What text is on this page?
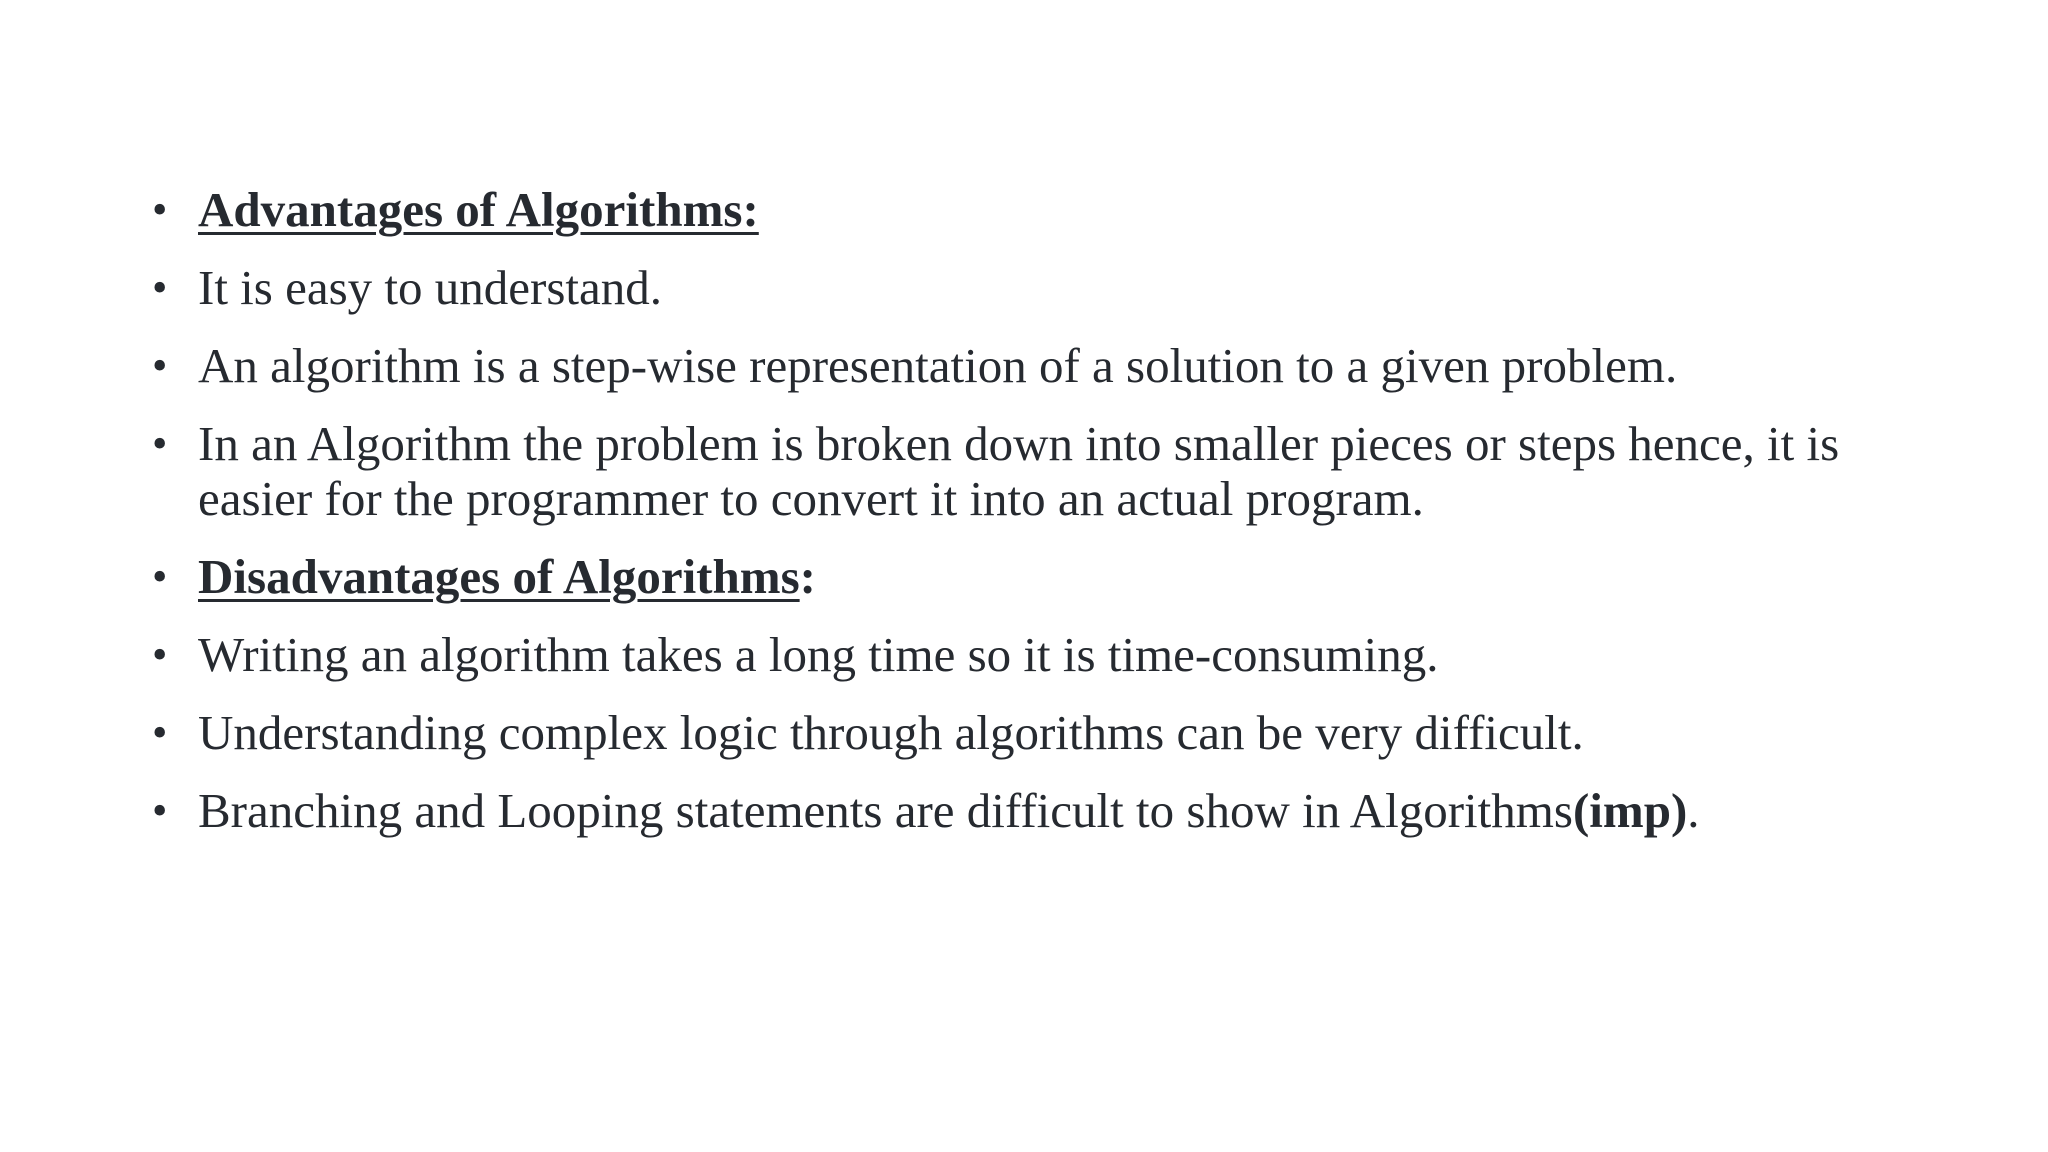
• Advantages of Algorithms:
• It is easy to understand.
• An algorithm is a step-wise representation of a solution to a given problem.
• In an Algorithm the problem is broken down into smaller pieces or steps hence, it is easier for the programmer to convert it into an actual program.
• Disadvantages of Algorithms:
• Writing an algorithm takes a long time so it is time-consuming.
• Understanding complex logic through algorithms can be very difficult.
• Branching and Looping statements are difficult to show in Algorithms(imp).
